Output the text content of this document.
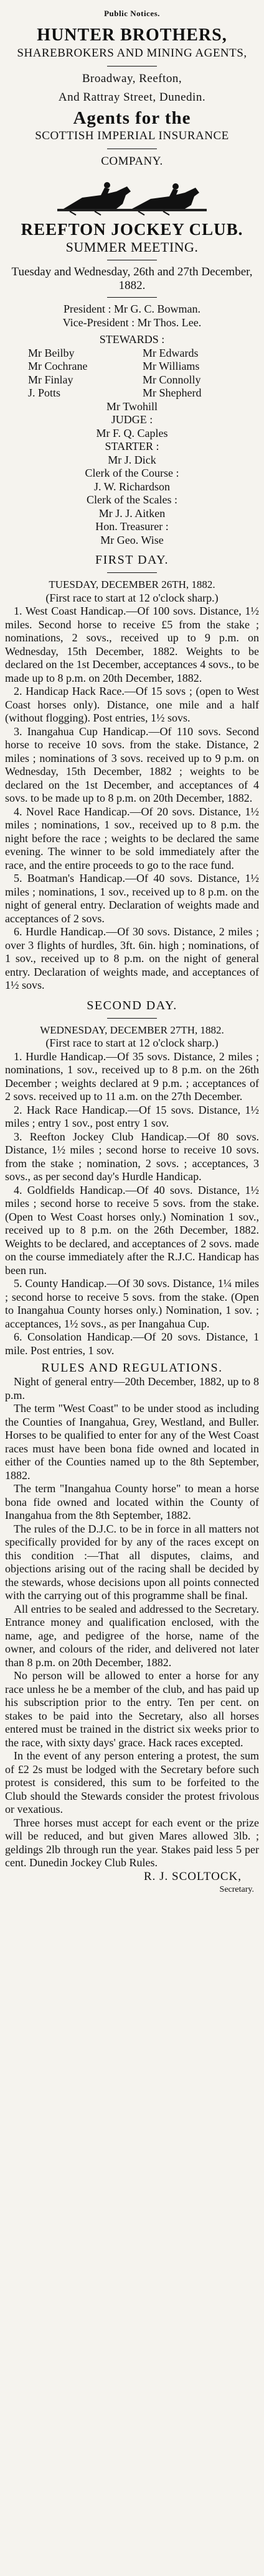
Public Notices.
HUNTER BROTHERS,
SHAREBROKERS AND MINING AGENTS,
Broadway, Reefton,
And Rattray Street, Dunedin.
Agents for the
SCOTTISH IMPERIAL INSURANCE
COMPANY.
REEFTON JOCKEY CLUB.
SUMMER MEETING.
Tuesday and Wednesday, 26th and 27th December, 1882.
President : Mr G. C. Bowman.
Vice-President : Mr Thos. Lee.
STEWARDS :
Mr Beilby
Mr Cochrane
Mr Finlay
J. Potts
Mr Edwards
Mr Williams
Mr Connolly
Mr Shepherd
Mr Twohill
JUDGE :
Mr F. Q. Caples
STARTER :
Mr J. Dick
Clerk of the Course :
J. W. Richardson
Clerk of the Scales :
Mr J. J. Aitken
Hon. Treasurer :
Mr Geo. Wise
FIRST DAY.
TUESDAY, DECEMBER 26TH, 1882.
(First race to start at 12 o'clock sharp.)

1. West Coast Handicap.—Of 100 sovs. Distance, 1½ miles. Second horse to receive £5 from the stake ; nominations, 2 sovs., received up to 9 p.m. on Wednesday, 15th December, 1882. Weights to be declared on the 1st December, acceptances 4 sovs., to be made up to 8 p.m. on 20th December, 1882.

2. Handicap Hack Race.—Of 15 sovs ; (open to West Coast horses only). Distance, one mile and a half (without flogging). Post entries, 1½ sovs.

3. Inangahua Cup Handicap.—Of 110 sovs. Second horse to receive 10 sovs. from the stake. Distance, 2 miles ; nominations of 3 sovs. received up to 9 p.m. on Wednesday, 15th December, 1882 ; weights to be declared on the 1st December, and acceptances of 4 sovs. to be made up to 8 p.m. on 20th December, 1882.

4. Novel Race Handicap.—Of 20 sovs. Distance, 1½ miles ; nominations, 1 sov., received up to 8 p.m. the night before the race ; weights to be declared the same evening. The winner to be sold immediately after the race, and the entire proceeds to go to the race fund.

5. Boatman's Handicap.—Of 40 sovs. Distance, 1½ miles ; nominations, 1 sov., received up to 8 p.m. on the night of general entry. Declaration of weights made and acceptances of 2 sovs.

6. Hurdle Handicap.—Of 30 sovs. Distance, 2 miles ; over 3 flights of hurdles, 3ft. 6in. high ; nominations, of 1 sov., received up to 8 p.m. on the night of general entry. Declaration of weights made, and acceptances of 1½ sovs.

SECOND DAY.
WEDNESDAY, DECEMBER 27TH, 1882.
(First race to start at 12 o'clock sharp.)

1. Hurdle Handicap.—Of 35 sovs. Distance, 2 miles ; nominations, 1 sov., received up to 8 p.m. on the 26th December ; weights declared at 9 p.m. ; acceptances of 2 sovs. received up to 11 a.m. on the 27th December.

2. Hack Race Handicap.—Of 15 sovs. Distance, 1½ miles ; entry 1 sov., post entry 1 sov.

3. Reefton Jockey Club Handicap.—Of 80 sovs. Distance, 1½ miles ; second horse to receive 10 sovs. from the stake ; nomination, 2 sovs. ; acceptances, 3 sovs., as per second day's Hurdle Handicap.

4. Goldfields Handicap.—Of 40 sovs. Distance, 1½ miles ; second horse to receive 5 sovs. from the stake. (Open to West Coast horses only.) Nomination 1 sov., received up to 8 p.m. on the 26th December, 1882. Weights to be declared, and acceptances of 2 sovs. made on the course immediately after the R.J.C. Handicap has been run.

5. County Handicap.—Of 30 sovs. Distance, 1¼ miles ; second horse to receive 5 sovs. from the stake. (Open to Inangahua County horses only.) Nomination, 1 sov. ; acceptances, 1½ sovs., as per Inangahua Cup.

6. Consolation Handicap.—Of 20 sovs. Distance, 1 mile. Post entries, 1 sov.

RULES AND REGULATIONS.

Night of general entry—20th December, 1882, up to 8 p.m.

The term "West Coast" to be under stood as including the Counties of Inangahua, Grey, Westland, and Buller. Horses to be qualified to enter for any of the West Coast races must have been bona fide owned and located in either of the Counties named up to the 8th September, 1882.

The term "Inangahua County horse" to mean a horse bona fide owned and located within the County of Inangahua from the 8th September, 1882.

The rules of the D.J.C. to be in force in all matters not specifically provided for by any of the races except on this condition :—That all disputes, claims, and objections arising out of the racing shall be decided by the stewards, whose decisions upon all points connected with the carrying out of this programme shall be final.

All entries to be sealed and addressed to the Secretary. Entrance money and qualification enclosed, with the name, age, and pedigree of the horse, name of the owner, and colours of the rider, and delivered not later than 8 p.m. on 20th December, 1882.

No person will be allowed to enter a horse for any race unless he be a member of the club, and has paid up his subscription prior to the entry. Ten per cent. on stakes to be paid into the Secretary, also all horses entered must be trained in the district six weeks prior to the race, with sixty days' grace. Hack races excepted.

In the event of any person entering a protest, the sum of £2 2s must be lodged with the Secretary before such protest is considered, this sum to be forfeited to the Club should the Stewards consider the protest frivolous or vexatious.

Three horses must accept for each event or the prize will be reduced, and but given Mares allowed 3lb. ; geldings 2lb through run the year. Stakes paid less 5 per cent. Dunedin Jockey Club Rules.

R. J. SCOLTOCK,
Secretary.
